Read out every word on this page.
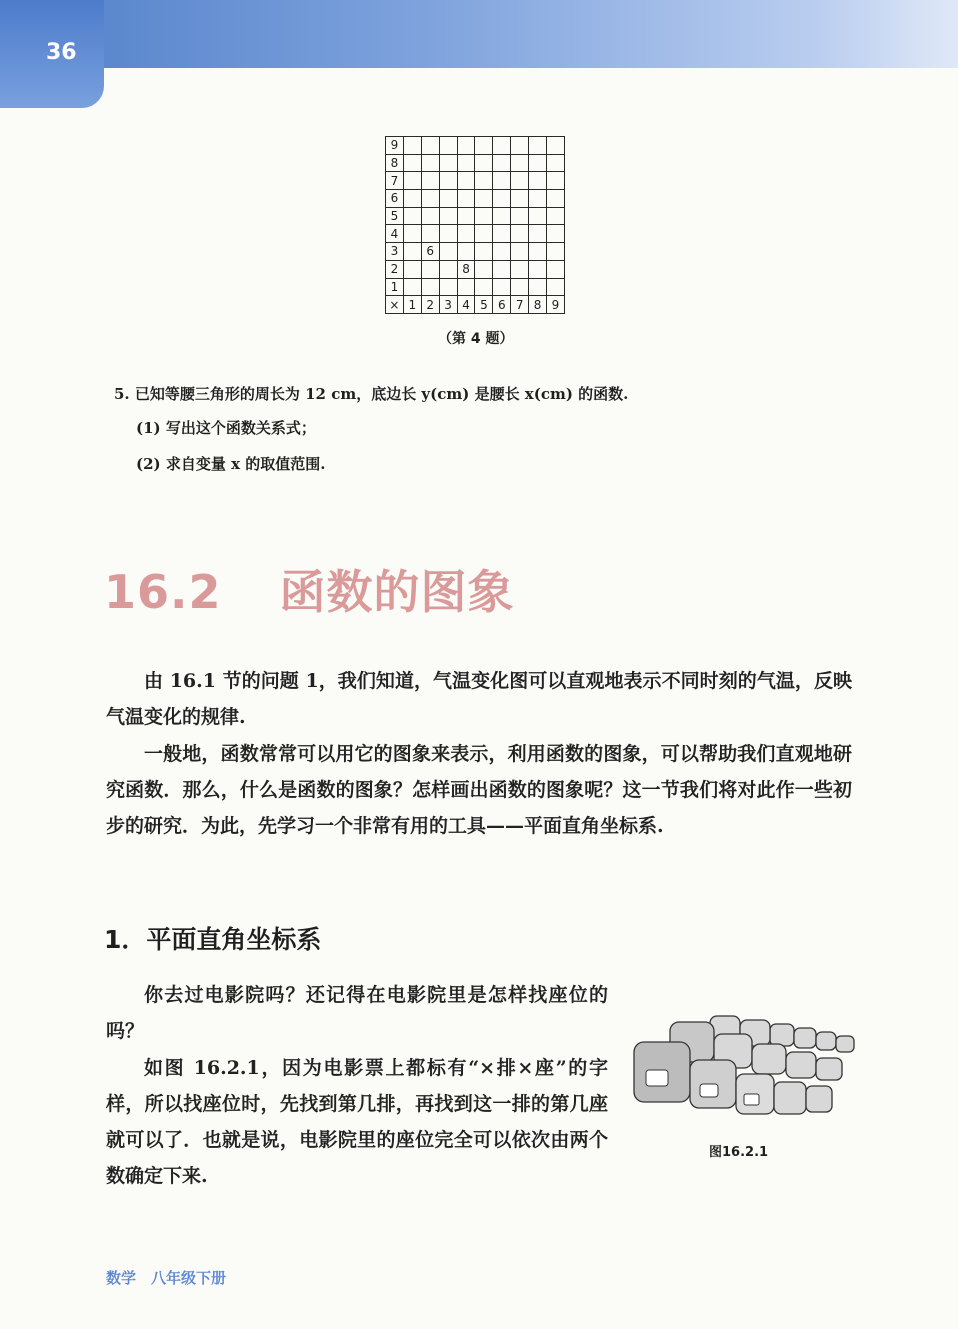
36
9									
8									
7									
6									
5									
4									
3		6							
2				8					
1									
×	1	2	3	4	5	6	7	8	9
（第 4 题）
5. 已知等腰三角形的周长为 12 cm，底边长 y(cm) 是腰长 x(cm) 的函数.
(1) 写出这个函数关系式；
(2) 求自变量 x 的取值范围.
16.2 函数的图象
由 16.1 节的问题 1，我们知道，气温变化图可以直观地表示不同时刻的气温，反映气温变化的规律.
一般地，函数常常可以用它的图象来表示，利用函数的图象，可以帮助我们直观地研究函数．那么，什么是函数的图象？怎样画出函数的图象呢？这一节我们将对此作一些初步的研究．为此，先学习一个非常有用的工具——平面直角坐标系.
1．平面直角坐标系
你去过电影院吗？还记得在电影院里是怎样找座位的吗？
如图 16.2.1，因为电影票上都标有“×排×座”的字样，所以找座位时，先找到第几排，再找到这一排的第几座就可以了．也就是说，电影院里的座位完全可以依次由两个数确定下来.
图16.2.1
数学　八年级下册
